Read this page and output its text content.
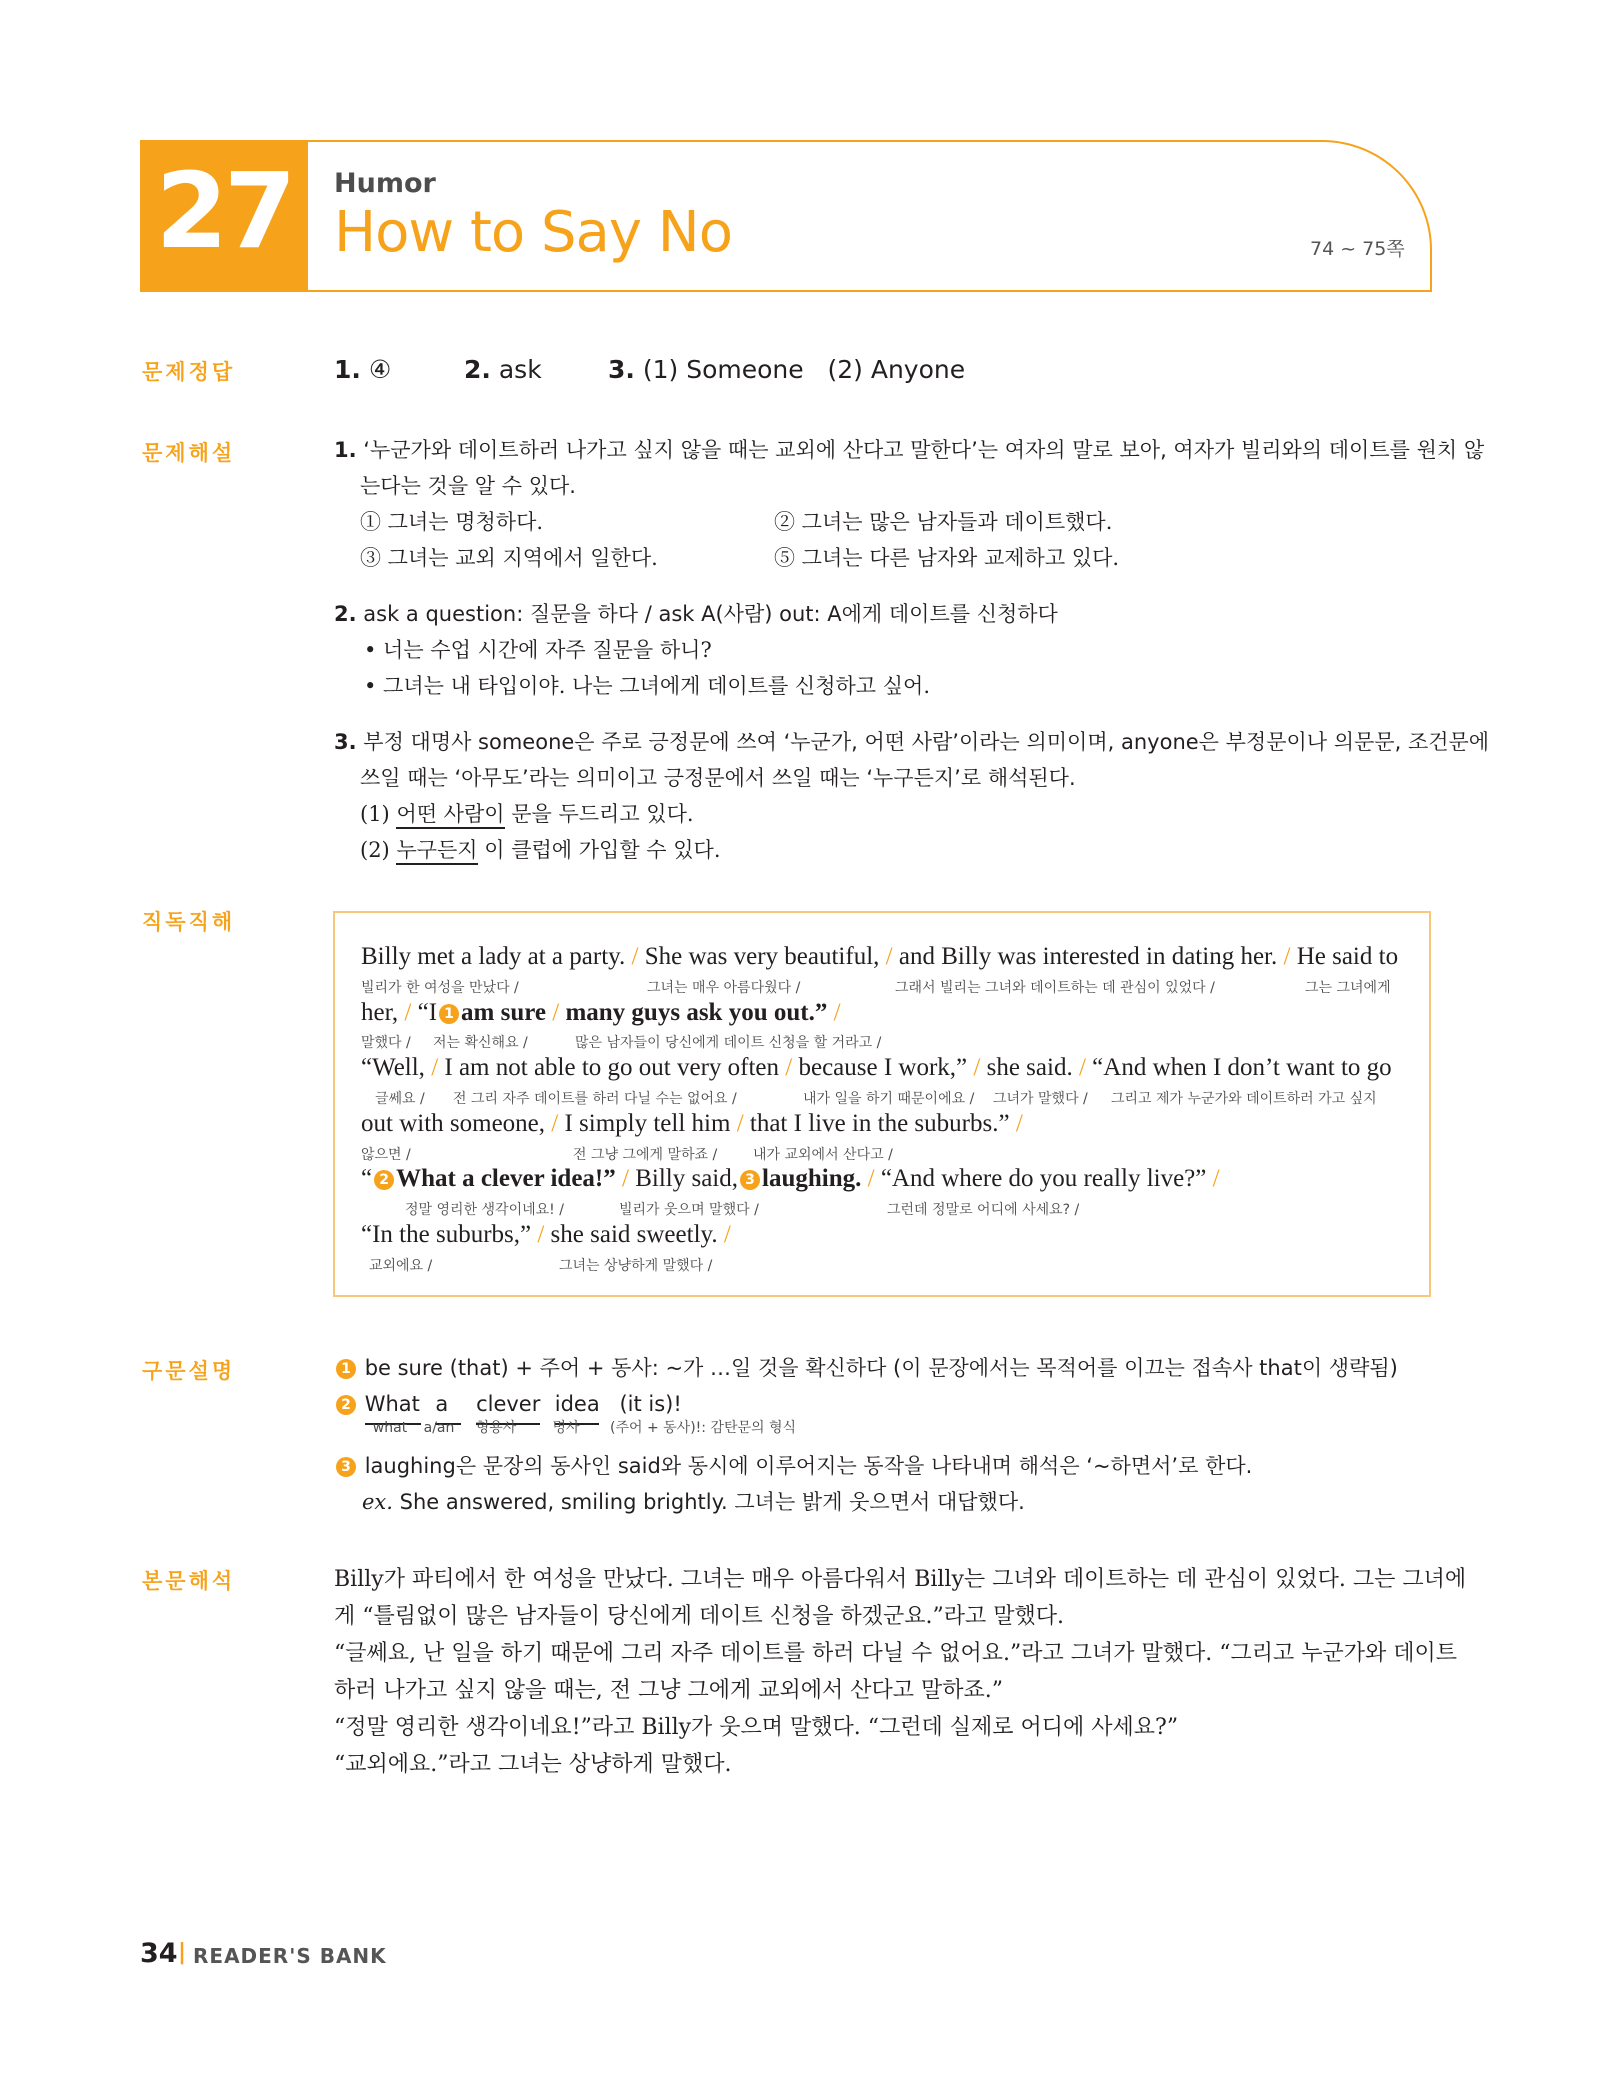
27	Humor
How to Say No	74 ~ 75쪽
문제정답
문제해설
직독직해
구문설명
본문해석
1. ④	2. ask	3. (1) Someone   (2) Anyone
1. ‘누군가와 데이트하러 나가고 싶지 않을 때는 교외에 산다고 말한다’는 여자의 말로 보아, 여자가 빌리와의 데이트를 원치 않
는다는 것을 알 수 있다.
① 그녀는 명청하다.	② 그녀는 많은 남자들과 데이트했다.
③ 그녀는 교외 지역에서 일한다.	⑤ 그녀는 다른 남자와 교제하고 있다.
2. ask a question: 질문을 하다 / ask A(사람) out: A에게 데이트를 신청하다
• 너는 수업 시간에 자주 질문을 하니?
• 그녀는 내 타입이야. 나는 그녀에게 데이트를 신청하고 싶어.
3. 부정 대명사 someone은 주로 긍정문에 쓰여 ‘누군가, 어떤 사람’이라는 의미이며, anyone은 부정문이나 의문문, 조건문에
쓰일 때는 ‘아무도’라는 의미이고 긍정문에서 쓰일 때는 ‘누구든지’로 해석된다.
(1) 어떤 사람이 문을 두드리고 있다.
(2) 누구든지 이 클럽에 가입할 수 있다.
Billy met a lady at a party. / She was very beautiful, / and Billy was interested in dating her. / He said to
빌리가 한 여성을 만났다 /	그녀는 매우 아름다웠다 /	그래서 빌리는 그녀와 데이트하는 데 관심이 있었다 /	그는 그녀에게
her, / “I 1 am sure / many guys ask you out.” /
말했다 / 저는 확신해요 /	많은 남자들이 당신에게 데이트 신청을 할 거라고 /
“Well, / I am not able to go out very often / because I work,” / she said. / “And when I don’t want to go
글쎄요 / 전 그리 자주 데이트를 하러 다닐 수는 없어요 /	내가 일을 하기 때문이에요 / 그녀가 말했다 / 그리고 제가 누군가와 데이트하러 가고 싶지
out with someone, / I simply tell him / that I live in the suburbs.” /
않으면 /	전 그냥 그에게 말하죠 /	내가 교외에서 산다고 /
“ 2 What a clever idea!” / Billy said, 3 laughing. / “And where do you really live?” /
정말 영리한 생각이네요! /	빌리가 웃으며 말했다 /	그런데 정말로 어디에 사세요? /
“In the suburbs,” / she said sweetly. /
교외에요 /	그녀는 상냥하게 말했다 /
1 be sure (that) + 주어 + 동사: ~가 …일 것을 확신하다 (이 문장에서는 목적어를 이끄는 접속사 that이 생략됨)
2 What a clever idea (it is)!
what a/an 형용사	명사 (주어 + 동사)!: 감탄문의 형식
3 laughing은 문장의 동사인 said와 동시에 이루어지는 동작을 나타내며 해석은 ‘~하면서’로 한다.
ex. She answered, smiling brightly. 그녀는 밝게 웃으면서 대답했다.
Billy가 파티에서 한 여성을 만났다. 그녀는 매우 아름다워서 Billy는 그녀와 데이트하는 데 관심이 있었다. 그는 그녀에
게 “틀림없이 많은 남자들이 당신에게 데이트 신청을 하겠군요.”라고 말했다.
“글쎄요, 난 일을 하기 때문에 그리 자주 데이트를 하러 다닐 수 없어요.”라고 그녀가 말했다. “그리고 누군가와 데이트
하러 나가고 싶지 않을 때는, 전 그냥 그에게 교외에서 산다고 말하죠.”
“정말 영리한 생각이네요!”라고 Billy가 웃으며 말했다. “그런데 실제로 어디에 사세요?”
“교외에요.”라고 그녀는 상냥하게 말했다.
34 | READER'S BANK
